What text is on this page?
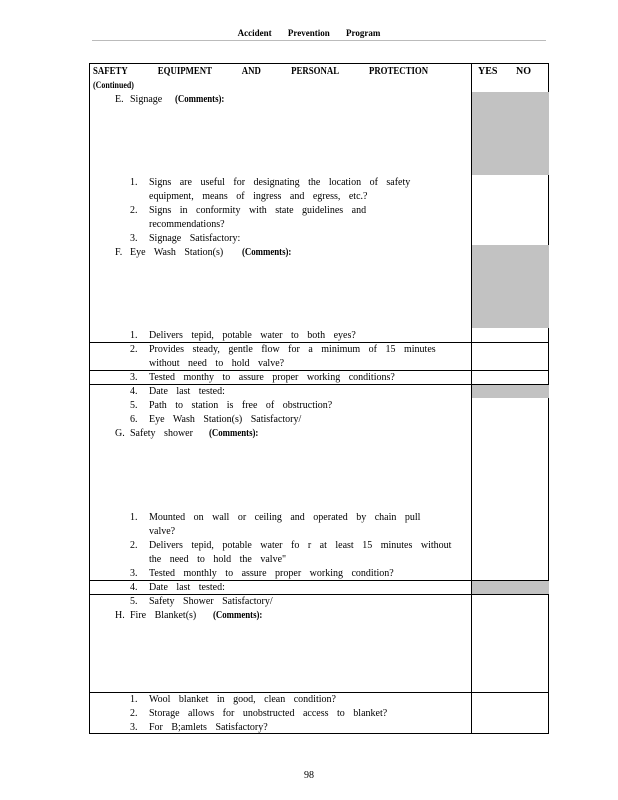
Accident Prevention Program
SAFETY EQUIPMENT AND PERSONAL PROTECTION
(Continued)
YES NO
E. Signage (Comments):
1. Signs are useful for designating the location of safety
equipment, means of ingress and egress, etc.?
2. Signs in conformity with state guidelines and
recommendations?
3. Signage Satisfactory:
F. Eye Wash Station(s) (Comments):
1. Delivers tepid, potable water to both eyes?
2. Provides steady, gentle flow for a minimum of 15 minutes
without need to hold valve?
3. Tested monthy to assure proper working conditions?
4. Date last tested:
5. Path to station is free of obstruction?
6. Eye Wash Station(s) Satisfactory/
G. Safety shower (Comments):
1. Mounted on wall or ceiling and operated by chain pull
valve?
2. Delivers tepid, potable water fo r at least 15 minutes without
the need to hold the valve"
3. Tested monthly to assure proper working condition?
4. Date last tested:
5. Safety Shower Satisfactory/
H. Fire Blanket(s) (Comments):
1. Wool blanket in good, clean condition?
2. Storage allows for unobstructed access to blanket?
3. For B;amlets Satisfactory?
98
